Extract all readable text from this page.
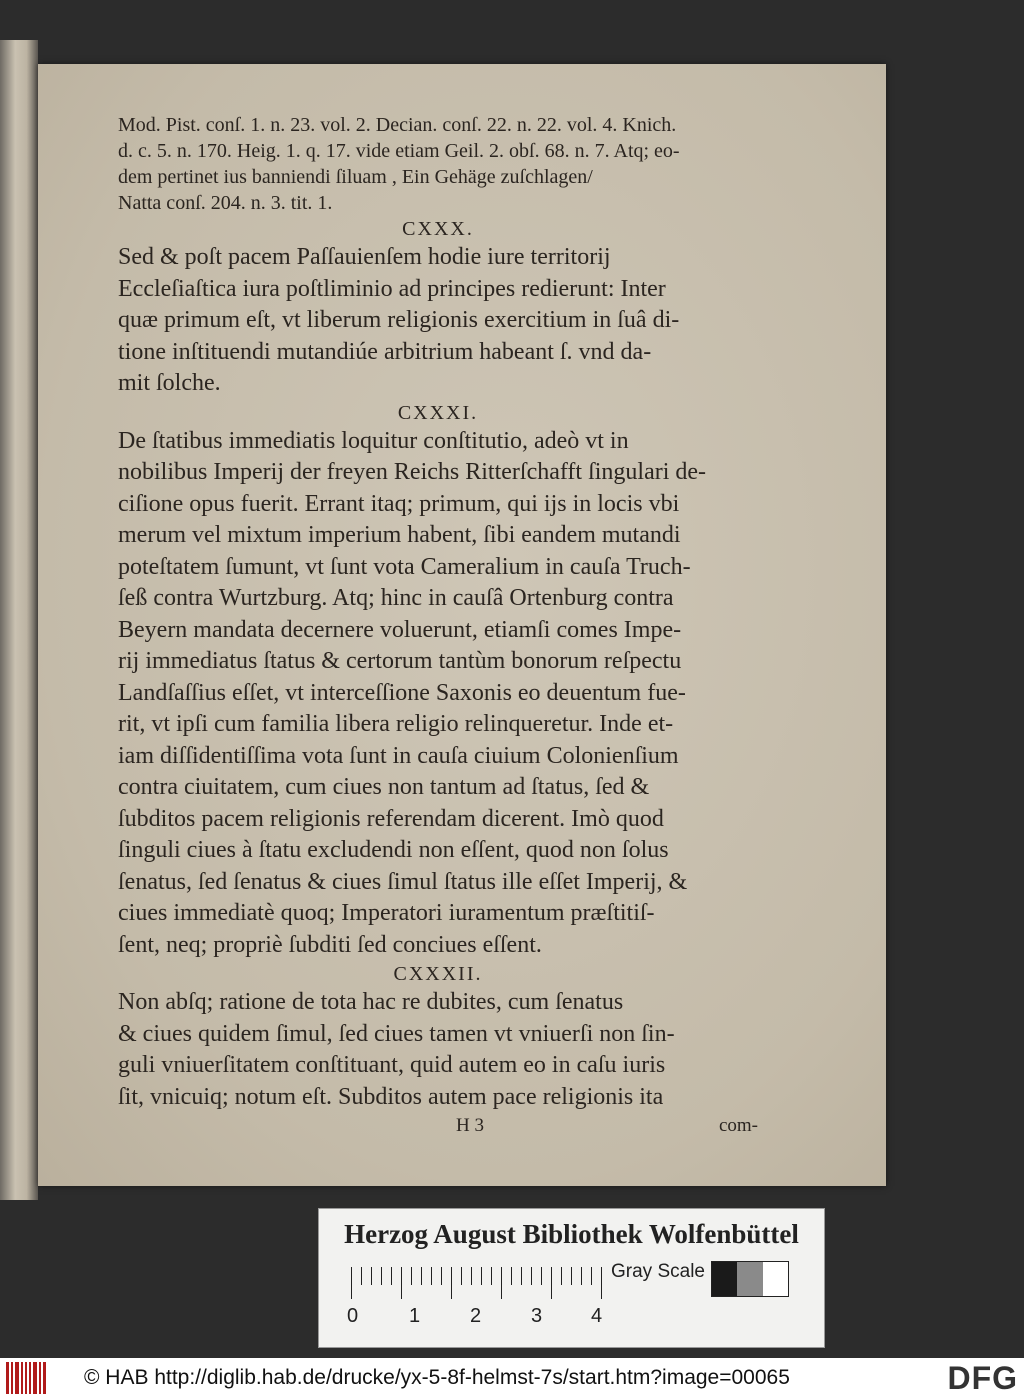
Mod. Pist. conſ. 1. n. 23. vol. 2. Decian. conſ. 22. n. 22. vol. 4. Knich.
d. c. 5. n. 170. Heig. 1. q. 17. vide etiam Geil. 2. obſ. 68. n. 7. Atq; eo-
dem pertinet ius banniendi ſiluam , Ein Gehäge zuſchlagen/
Natta conſ. 204. n. 3. tit. 1.

CXXX.

Sed & poſt pacem Paſſauienſem hodie iure territorij
Eccleſiaſtica iura poſtliminio ad principes redierunt: Inter
quæ primum eſt, vt liberum religionis exercitium in ſuâ di-
tione inſtituendi mutandiúe arbitrium habeant ſ. vnd da-
mit ſolche.

CXXXI.

De ſtatibus immediatis loquitur conſtitutio, adeò vt in
nobilibus Imperij der freyen Reichs Ritterſchafft ſingulari de-
ciſione opus fuerit. Errant itaq; primum, qui ijs in locis vbi
merum vel mixtum imperium habent, ſibi eandem mutandi
poteſtatem ſumunt, vt ſunt vota Cameralium in cauſa Truch-
ſeß contra Wurtzburg. Atq; hinc in cauſâ Ortenburg contra
Beyern mandata decernere voluerunt, etiamſi comes Impe-
rij immediatus ſtatus & certorum tantùm bonorum reſpectu
Landſaſſius eſſet, vt interceſſione Saxonis eo deuentum fue-
rit, vt ipſi cum familia libera religio relinqueretur. Inde et-
iam diſſidentiſſima vota ſunt in cauſa ciuium Colonienſium
contra ciuitatem, cum ciues non tantum ad ſtatus, ſed &
ſubditos pacem religionis referendam dicerent. Imò quod
ſinguli ciues à ſtatu excludendi non eſſent, quod non ſolus
ſenatus, ſed ſenatus & ciues ſimul ſtatus ille eſſet Imperij, &
ciues immediatè quoq; Imperatori iuramentum præſtitiſ-
ſent, neq; propriè ſubditi ſed conciues eſſent.

CXXXII.

Non abſq; ratione de tota hac re dubites, cum ſenatus
& ciues quidem ſimul, ſed ciues tamen vt vniuerſi non ſin-
guli vniuerſitatem conſtituant, quid autem eo in caſu iuris
ſit, vnicuiq; notum eſt. Subditos autem pace religionis ita

H 3	com-
Herzog August Bibliothek Wolfenbüttel
0	1 2 3 4
Gray Scale
© HAB http://diglib.hab.de/drucke/yx-5-8f-helmst-7s/start.htm?image=00065	DFG
